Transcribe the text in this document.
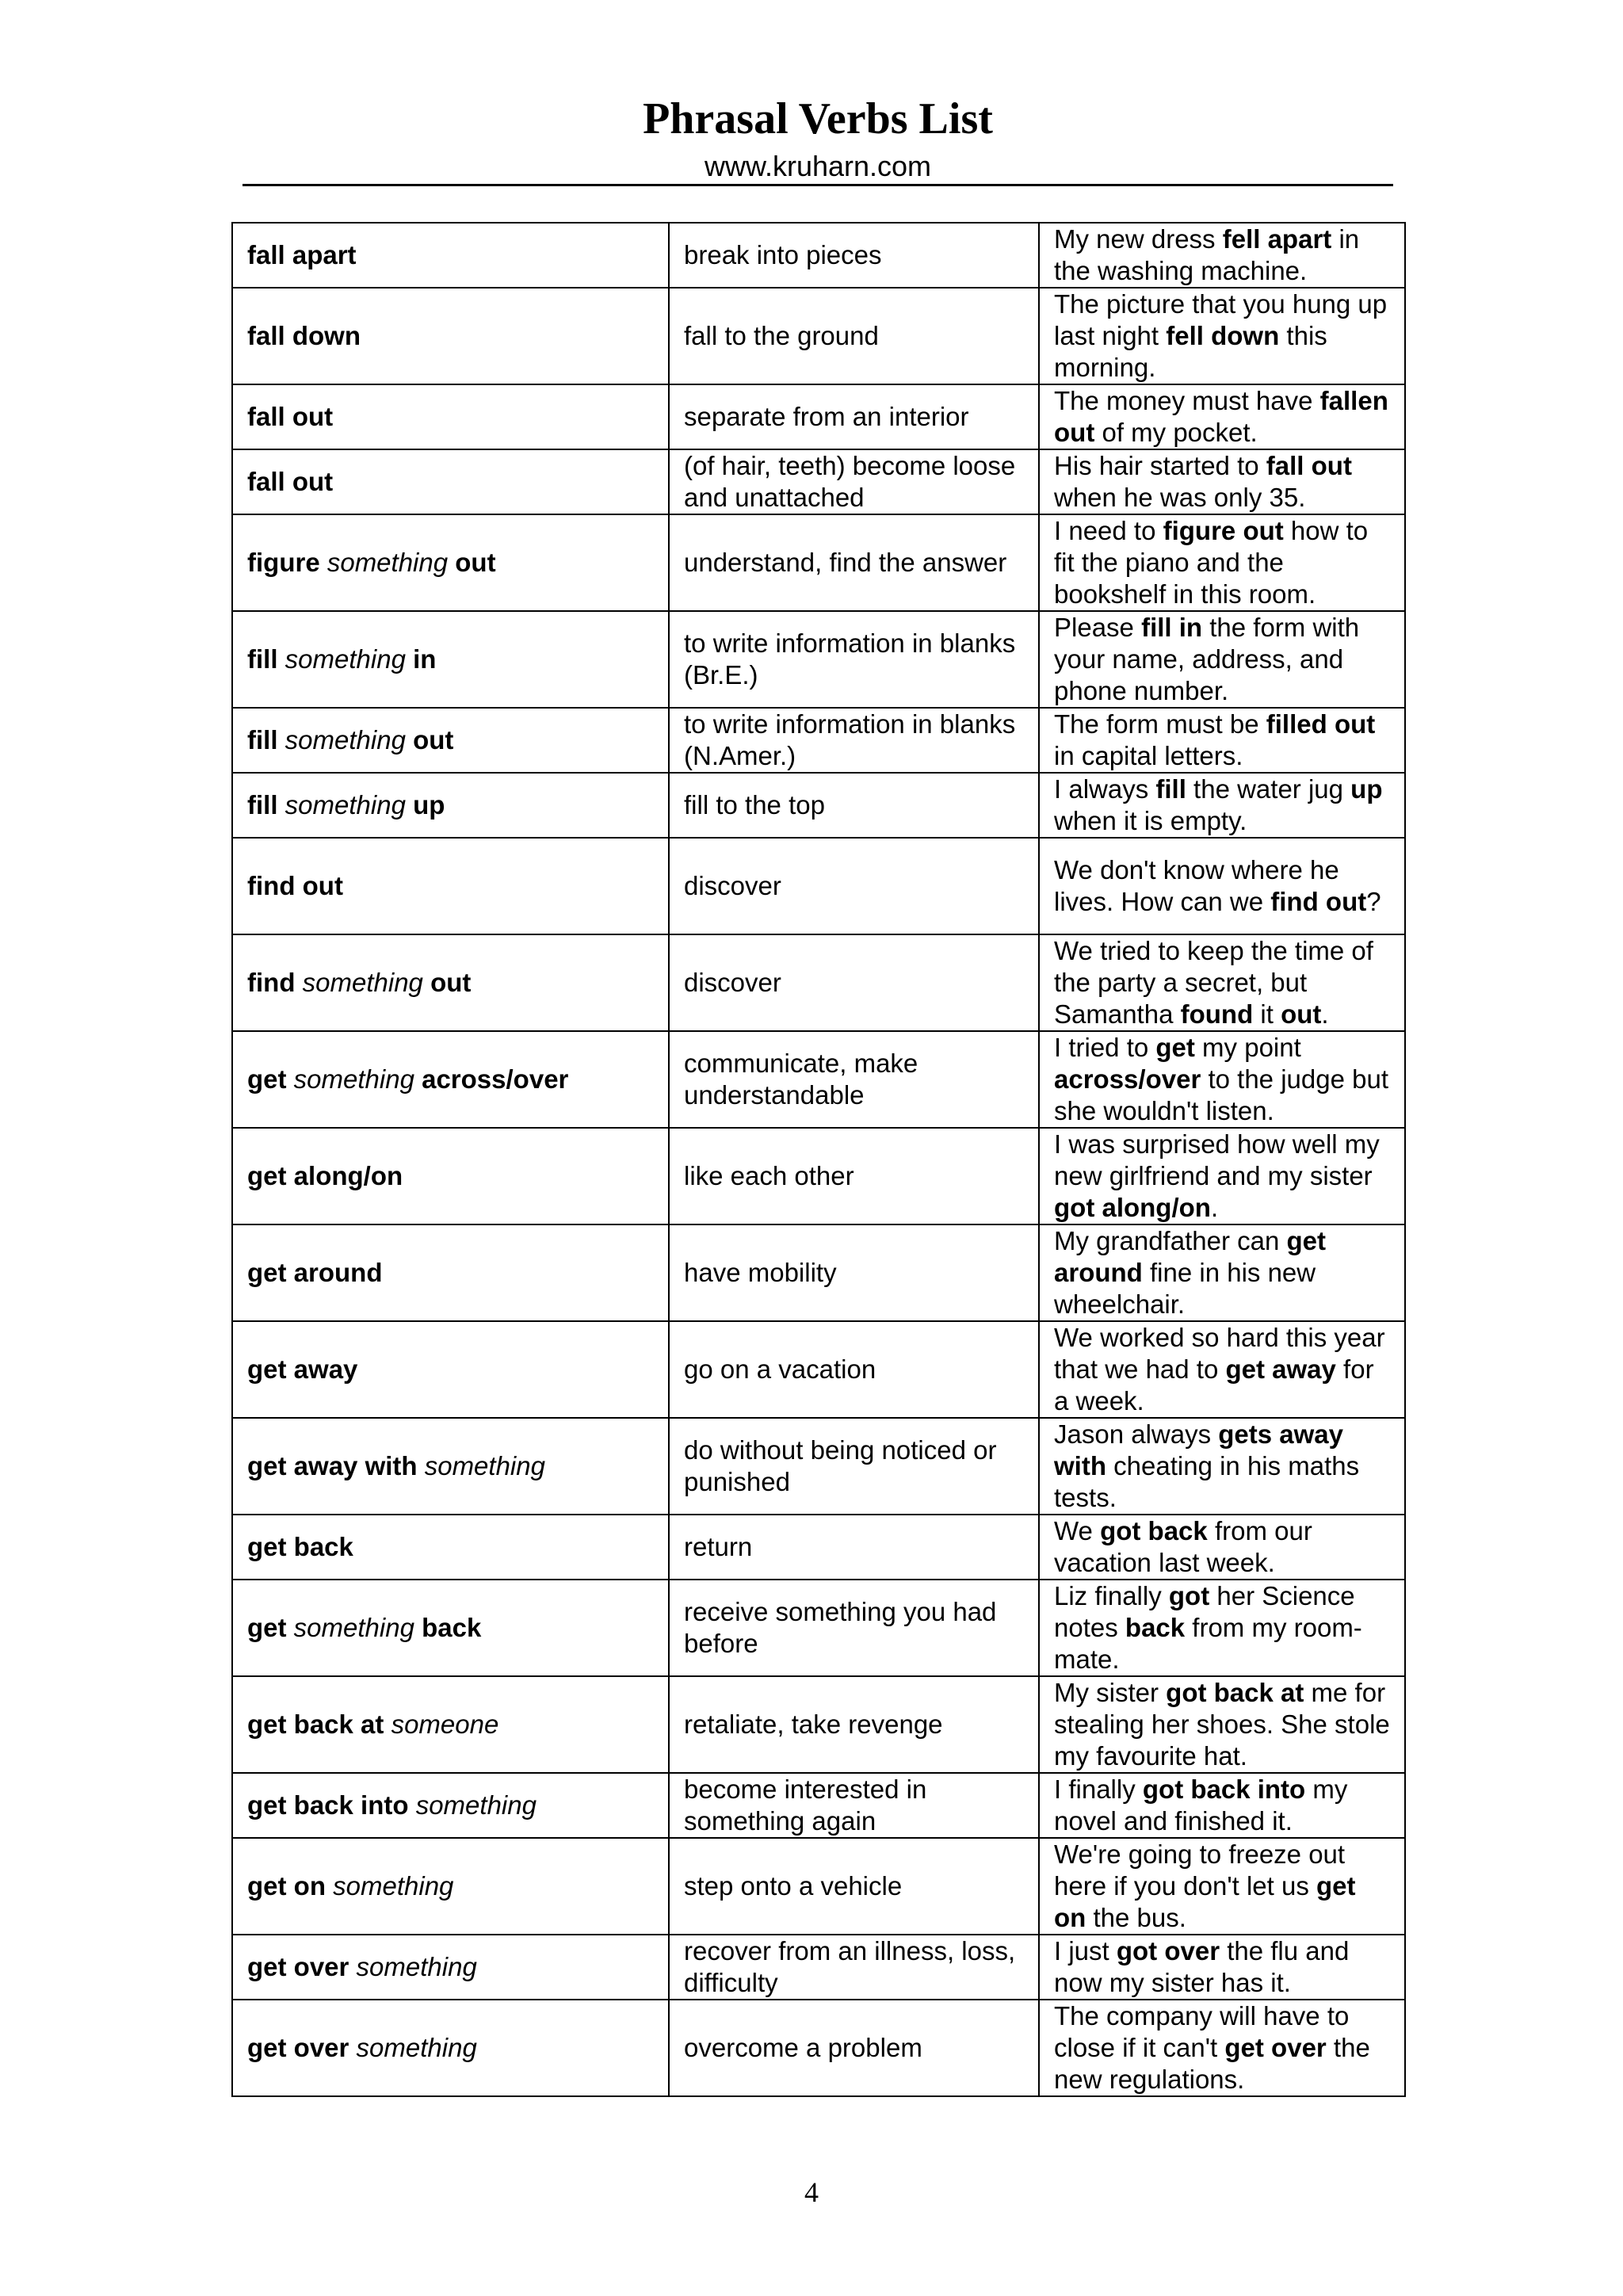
Phrasal Verbs List
www.kruharn.com
fall apart	break into pieces	My new dress fell apart in the washing machine.
fall down	fall to the ground	The picture that you hung up last night fell down this morning.
fall out	separate from an interior	The money must have fallen out of my pocket.
fall out	(of hair, teeth) become loose and unattached	His hair started to fall out when he was only 35.
figure something out	understand, find the answer	I need to figure out how to fit the piano and the bookshelf in this room.
fill something in	to write information in blanks (Br.E.)	Please fill in the form with your name, address, and phone number.
fill something out	to write information in blanks (N.Amer.)	The form must be filled out in capital letters.
fill something up	fill to the top	I always fill the water jug up when it is empty.
find out	discover	We don't know where he lives. How can we find out?
find something out	discover	We tried to keep the time of the party a secret, but Samantha found it out.
get something across/over	communicate, make understandable	I tried to get my point across/over to the judge but she wouldn't listen.
get along/on	like each other	I was surprised how well my new girlfriend and my sister got along/on.
get around	have mobility	My grandfather can get around fine in his new wheelchair.
get away	go on a vacation	We worked so hard this year that we had to get away for a week.
get away with something	do without being noticed or punished	Jason always gets away with cheating in his maths tests.
get back	return	We got back from our vacation last week.
get something back	receive something you had before	Liz finally got her Science notes back from my room-mate.
get back at someone	retaliate, take revenge	My sister got back at me for stealing her shoes. She stole my favourite hat.
get back into something	become interested in something again	I finally got back into my novel and finished it.
get on something	step onto a vehicle	We're going to freeze out here if you don't let us get on the bus.
get over something	recover from an illness, loss, difficulty	I just got over the flu and now my sister has it.
get over something	overcome a problem	The company will have to close if it can't get over the new regulations.
4
